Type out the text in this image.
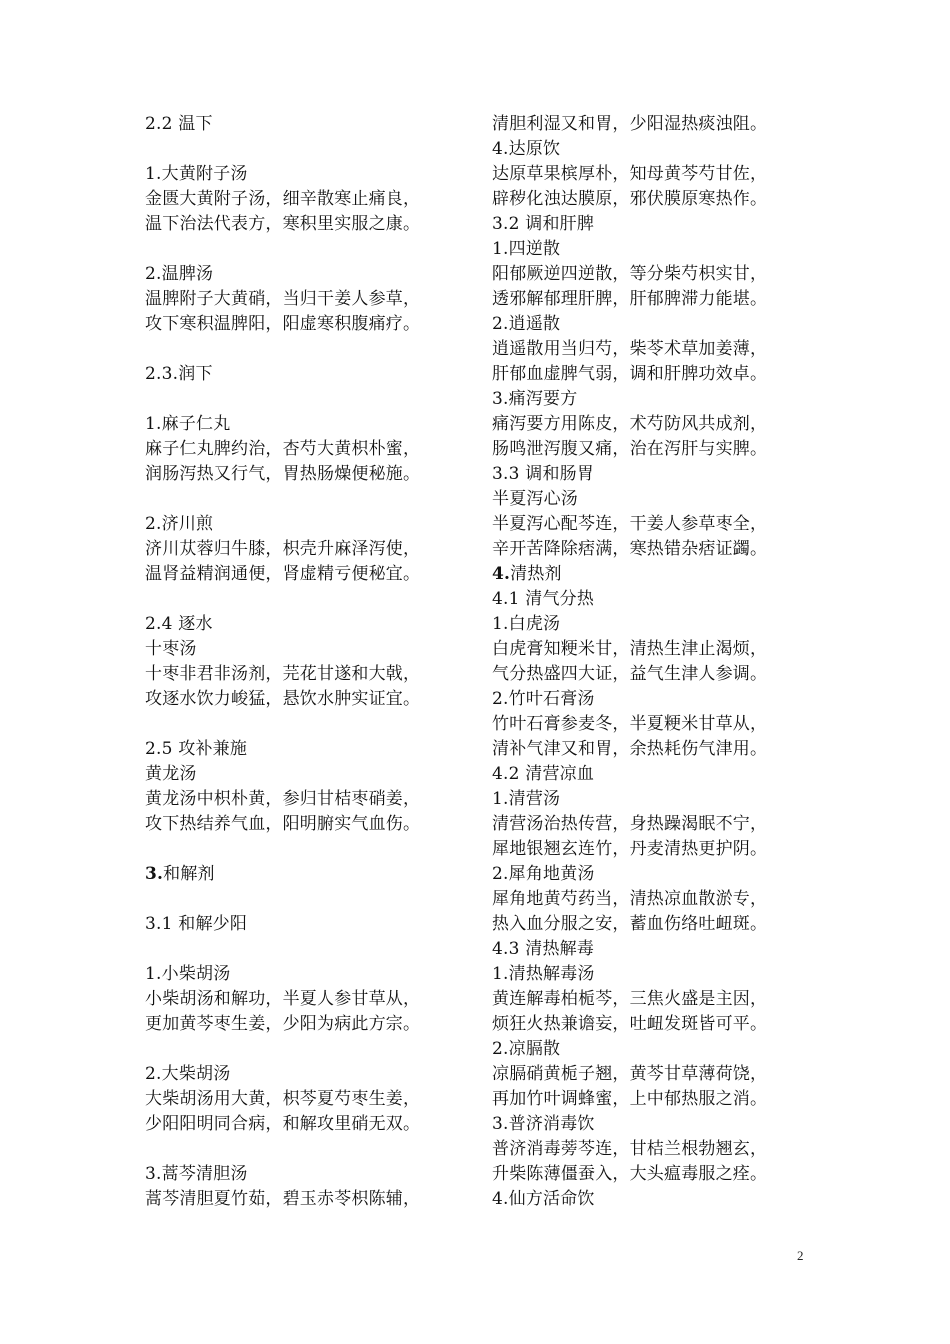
2.2 温下
1.大黄附子汤
金匮大黄附子汤，细辛散寒止痛良，
温下治法代表方，寒积里实服之康。
2.温脾汤
温脾附子大黄硝，当归干姜人参草，
攻下寒积温脾阳，阳虚寒积腹痛疗。
2.3.润下
1.麻子仁丸
麻子仁丸脾约治，杏芍大黄枳朴蜜，
润肠泻热又行气，胃热肠燥便秘施。
2.济川煎
济川苁蓉归牛膝，枳壳升麻泽泻使，
温肾益精润通便，肾虚精亏便秘宜。
2.4 逐水
十枣汤
十枣非君非汤剂，芫花甘遂和大戟，
攻逐水饮力峻猛，悬饮水肿实证宜。
2.5 攻补兼施
黄龙汤
黄龙汤中枳朴黄，参归甘桔枣硝姜，
攻下热结养气血，阳明腑实气血伤。
3.和解剂
3.1 和解少阳
1.小柴胡汤
小柴胡汤和解功，半夏人参甘草从，
更加黄芩枣生姜，少阳为病此方宗。
2.大柴胡汤
大柴胡汤用大黄，枳芩夏芍枣生姜，
少阳阳明同合病，和解攻里硝无双。
3.蒿芩清胆汤
蒿芩清胆夏竹茹，碧玉赤苓枳陈辅，
清胆利湿又和胃，少阳湿热痰浊阻。
4.达原饮
达原草果槟厚朴，知母黄芩芍甘佐，
辟秽化浊达膜原，邪伏膜原寒热作。
3.2 调和肝脾
1.四逆散
阳郁厥逆四逆散，等分柴芍枳实甘，
透邪解郁理肝脾，肝郁脾滞力能堪。
2.逍遥散
逍遥散用当归芍，柴苓术草加姜薄，
肝郁血虚脾气弱，调和肝脾功效卓。
3.痛泻要方
痛泻要方用陈皮，术芍防风共成剂，
肠鸣泄泻腹又痛，治在泻肝与实脾。
3.3 调和肠胃
半夏泻心汤
半夏泻心配芩连，干姜人参草枣全，
辛开苦降除痞满，寒热错杂痞证蠲。
4.清热剂
4.1 清气分热
1.白虎汤
白虎膏知粳米甘，清热生津止渴烦，
气分热盛四大证，益气生津人参调。
2.竹叶石膏汤
竹叶石膏参麦冬，半夏粳米甘草从，
清补气津又和胃，余热耗伤气津用。
4.2 清营凉血
1.清营汤
清营汤治热传营，身热躁渴眠不宁，
犀地银翘玄连竹，丹麦清热更护阴。
2.犀角地黄汤
犀角地黄芍药当，清热凉血散淤专，
热入血分服之安，蓄血伤络吐衄斑。
4.3 清热解毒
1.清热解毒汤
黄连解毒柏栀芩，三焦火盛是主因，
烦狂火热兼谵妄，吐衄发斑皆可平。
2.凉膈散
凉膈硝黄栀子翘，黄芩甘草薄荷饶，
再加竹叶调蜂蜜，上中郁热服之消。
3.普济消毒饮
普济消毒蒡芩连，甘桔兰根勃翘玄，
升柴陈薄僵蚕入，大头瘟毒服之痊。
4.仙方活命饮
2
